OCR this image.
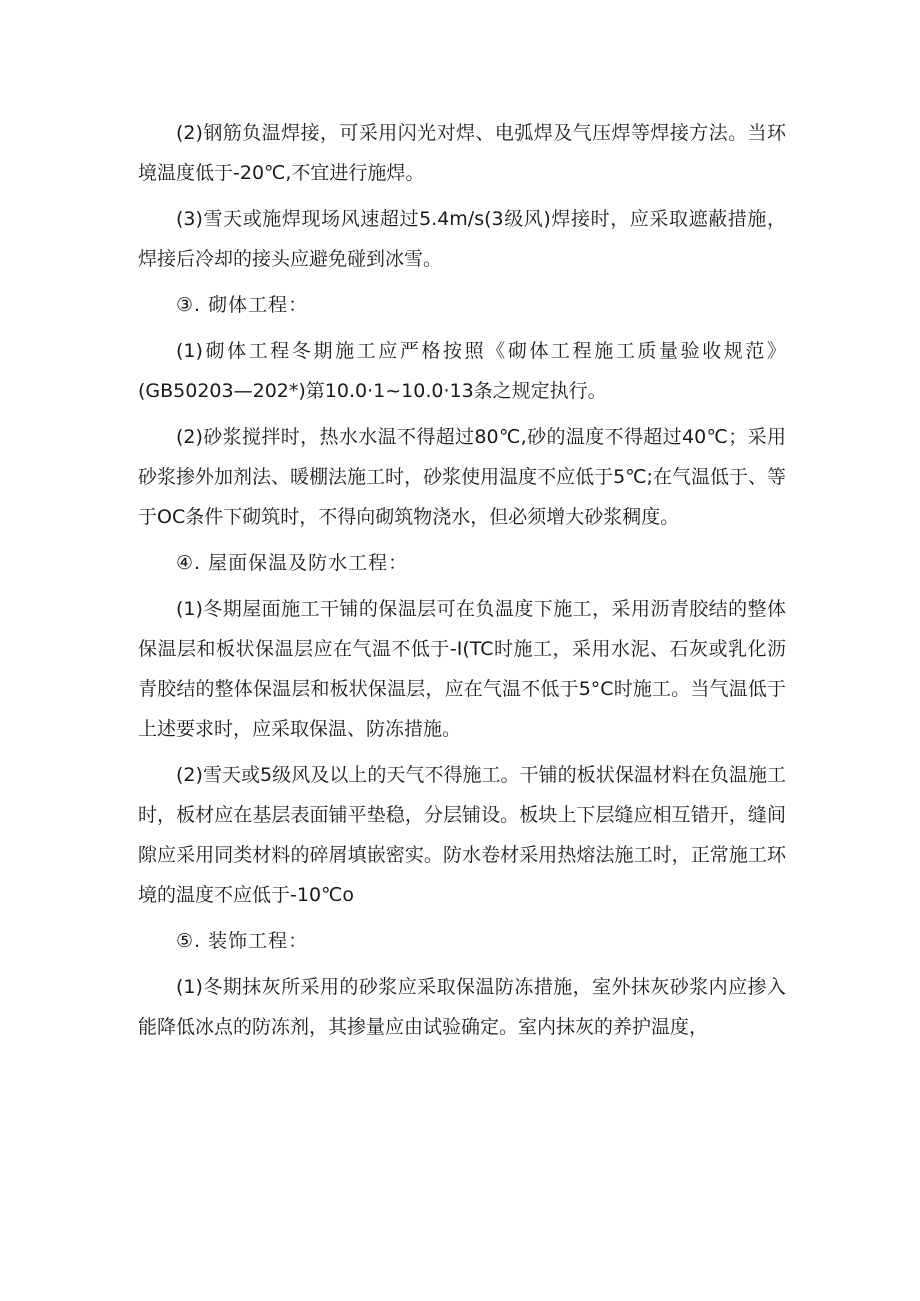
(2)钢筋负温焊接，可采用闪光对焊、电弧焊及气压焊等焊接方法。当环境温度低于-20℃,不宜进行施焊。

(3)雪天或施焊现场风速超过5.4m∕s(3级风)焊接时，应采取遮蔽措施，焊接后冷却的接头应避免碰到冰雪。

③. 砌体工程：

(1)砌体工程冬期施工应严格按照《砌体工程施工质量验收规范》(GB50203—202*)第10.0·1~10.0·13条之规定执行。

(2)砂浆搅拌时，热水水温不得超过80℃,砂的温度不得超过40℃；采用砂浆掺外加剂法、暖棚法施工时，砂浆使用温度不应低于5℃;在气温低于、等于OC条件下砌筑时，不得向砌筑物浇水，但必须增大砂浆稠度。

④. 屋面保温及防水工程：

(1)冬期屋面施工干铺的保温层可在负温度下施工，采用沥青胶结的整体保温层和板状保温层应在气温不低于-I(TC时施工，采用水泥、石灰或乳化沥青胶结的整体保温层和板状保温层，应在气温不低于5°C时施工。当气温低于上述要求时，应采取保温、防冻措施。

(2)雪天或5级风及以上的天气不得施工。干铺的板状保温材料在负温施工时，板材应在基层表面铺平垫稳，分层铺设。板块上下层缝应相互错开，缝间隙应采用同类材料的碎屑填嵌密实。防水卷材采用热熔法施工时，正常施工环境的温度不应低于-10℃o

⑤. 装饰工程：

(1)冬期抹灰所采用的砂浆应采取保温防冻措施，室外抹灰砂浆内应掺入能降低冰点的防冻剂，其掺量应由试验确定。室内抹灰的养护温度，
